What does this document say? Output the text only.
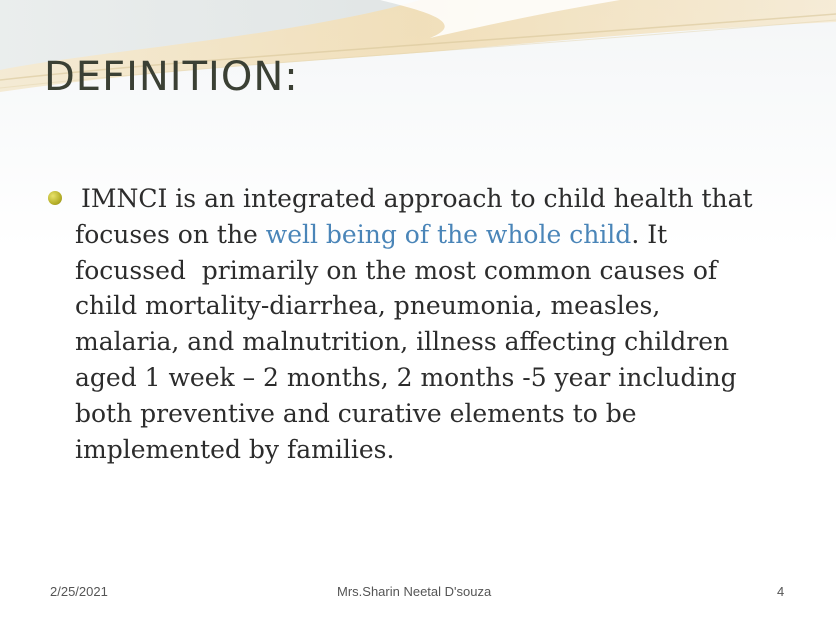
DEFINITION:

IMNCI is an integrated approach to child health that
focuses on the well being of the whole child. It
focussed  primarily on the most common causes of
child mortality-diarrhea, pneumonia, measles,
malaria, and malnutrition, illness affecting children
aged 1 week – 2 months, 2 months -5 year including
both preventive and curative elements to be
implemented by families.

2/25/2021	Mrs.Sharin Neetal D'souza	4
